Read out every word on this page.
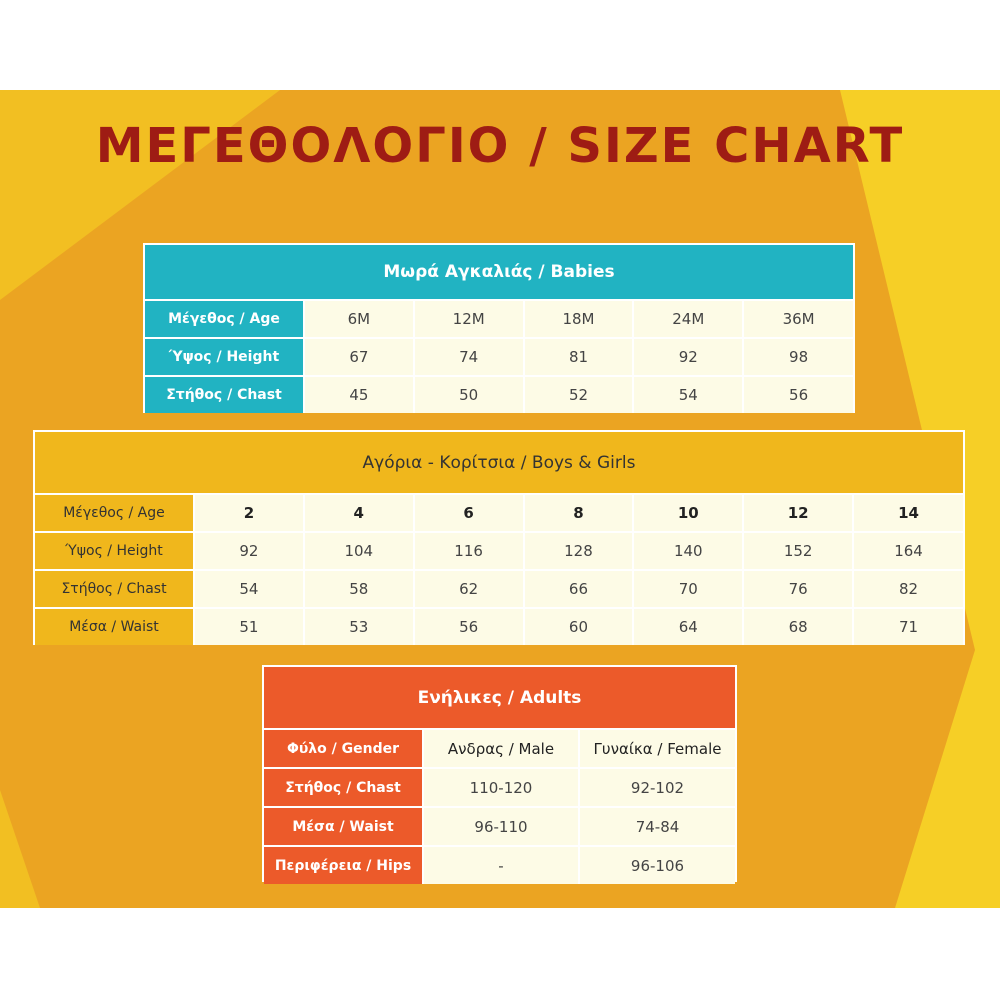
ΜΕΓΕΘΟΛΟΓΙΟ / SIZE CHART
Μωρά Αγκαλιάς / Babies
Μέγεθος / Age	6M	12M	18M	24M	36M
Ύψος / Height	67	74	81	92	98
Στήθος / Chast	45	50	52	54	56
Αγόρια - Κορίτσια / Boys & Girls
Μέγεθος / Age	2	4	6	8	10	12	14
Ύψος / Height	92	104	116	128	140	152	164
Στήθος / Chast	54	58	62	66	70	76	82
Μέσα / Waist	51	53	56	60	64	68	71
Ενήλικες / Adults
Φύλο / Gender	Ανδρας / Male	Γυναίκα / Female
Στήθος / Chast	110-120	92-102
Μέσα / Waist	96-110	74-84
Περιφέρεια / Hips	-	96-106
